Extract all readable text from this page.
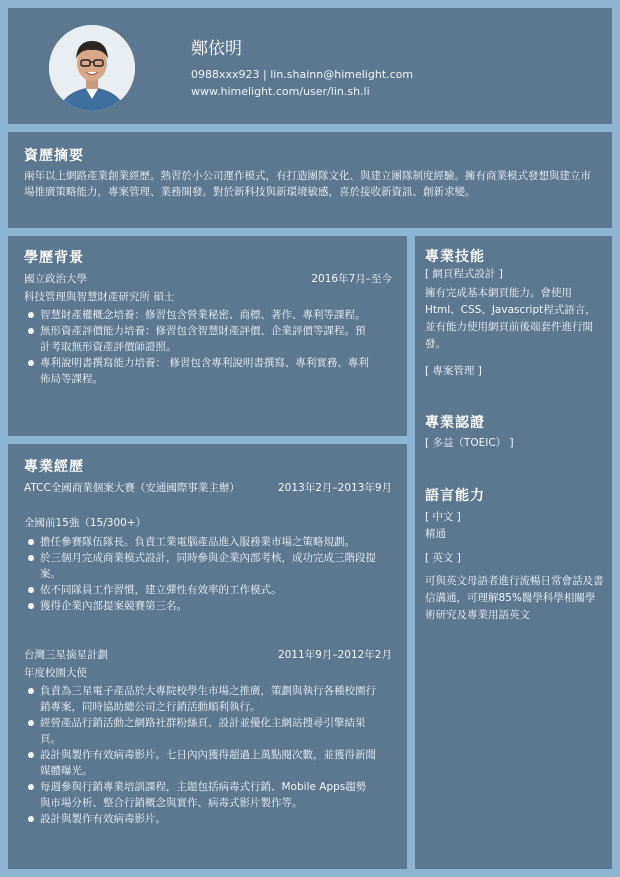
鄭依明
0988xxx923 | lin.shainn@himelight.com
www.himelight.com/user/lin.sh.li
資歷摘要
兩年以上網路產業創業經歷。熟習於小公司運作模式，有打造團隊文化、與建立團隊制度經驗。擁有商業模式發想與建立市場推廣策略能力，專案管理、業務開發。對於新科技與新環境敏感，喜於接收新資訊、創新求變。
學歷背景
國立政治大學	2016年7月–至今
科技管理與智慧財產研究所 碩士
智慧財產權概念培養：修習包含營業秘密、商標、著作、專利等課程。
無形資產評價能力培養：修習包含智慧財產評價、企業評價等課程。預計考取無形資產評價師證照。
專利說明書撰寫能力培養： 修習包含專利說明書撰寫、專利實務、專利佈局等課程。
專業經歷
ATCC全國商業個案大賽（安通國際事業主辦）	2013年2月–2013年9月
全國前15強（15/300+）
擔任參賽隊伍隊長。負責工業電腦產品進入服務業市場之策略規劃。
於三個月完成商業模式設計，同時參與企業內部考核，成功完成三階段提案。
依不同隊員工作習慣，建立彈性有效率的工作模式。
獲得企業內部提案競賽第三名。
台灣三星摘星計劃	2011年9月–2012年2月
年度校園大使
負責為三星電子產品於大專院校學生市場之推廣，策劃與執行各種校園行銷專案，同時協助總公司之行銷活動順利執行。
經營產品行銷活動之網路社群粉絲頁、設計並優化主網站搜尋引擎結果頁。
設計與製作有效病毒影片。七日內內獲得超過上萬點閱次數，並獲得新聞媒體曝光。
每週參與行銷專業培訓課程，主題包括病毒式行銷、Mobile Apps趨勢與市場分析、整合行銷概念與實作、病毒式影片製作等。
設計與製作有效病毒影片。
專業技能
[ 網頁程式設計 ]
擁有完成基本網頁能力。會使用Html、CSS、Javascript程式語言，並有能力使用網頁前後端套件進行開發。
[ 專案管理 ]
專業認證
[ 多益（TOEIC） ]
語言能力
[ 中文 ]
精通
[ 英文 ]
可與英文母語者進行流暢日常會話及書 信溝通，可理解85%醫學科學相關學術研究及專業用語英文
